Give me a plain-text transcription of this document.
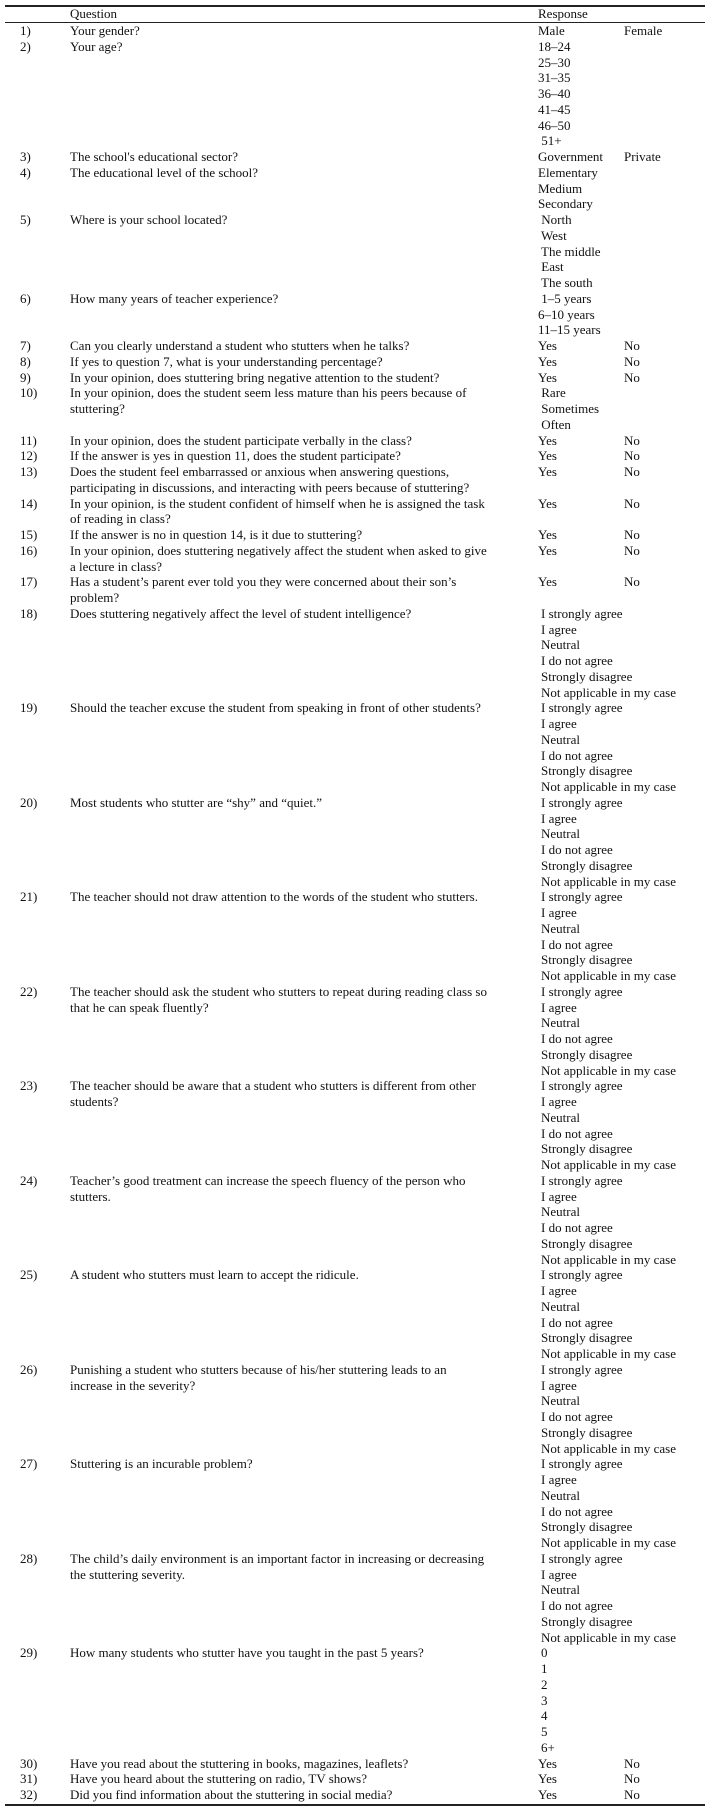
Question	Response
1)	Your gender?	Male	Female
2)	Your age?	18–24
25–30
31–35
36–40
41–45
46–50
51+
3)	The school's educational sector?	Government Private
4)	The educational level of the school?	Elementary
Medium
Secondary
5)	Where is your school located?	North
West
The middle
East
The south
6)	How many years of teacher experience?	1–5 years
6–10 years
11–15 years
7)	Can you clearly understand a student who stutters when he talks?	Yes	No
8)	If yes to question 7, what is your understanding percentage?	Yes	No
9)	In your opinion, does stuttering bring negative attention to the student?	Yes	No
10)	In your opinion, does the student seem less mature than his peers because of
stuttering?
Rare
Sometimes
Often
11)	In your opinion, does the student participate verbally in the class?	Yes	No
12)	If the answer is yes in question 11, does the student participate?	Yes	No
13)	Does the student feel embarrassed or anxious when answering questions,
participating in discussions, and interacting with peers because of stuttering?
Yes	No
14)	In your opinion, is the student confident of himself when he is assigned the task
of reading in class?
Yes	No
15)	If the answer is no in question 14, is it due to stuttering?	Yes	No
16)	In your opinion, does stuttering negatively affect the student when asked to give
a lecture in class?
Yes	No
17)	Has a student’s parent ever told you they were concerned about their son’s
problem?
Yes	No
18)	Does stuttering negatively affect the level of student intelligence?	I strongly agree
I agree
Neutral
I do not agree
Strongly disagree
Not applicable in my case
19)	Should the teacher excuse the student from speaking in front of other students?	I strongly agree
I agree
Neutral
I do not agree
Strongly disagree
Not applicable in my case
20)	Most students who stutter are “shy” and “quiet.”	I strongly agree
I agree
Neutral
I do not agree
Strongly disagree
Not applicable in my case
21)	The teacher should not draw attention to the words of the student who stutters.	I strongly agree
I agree
Neutral
I do not agree
Strongly disagree
Not applicable in my case
22)	The teacher should ask the student who stutters to repeat during reading class so
that he can speak fluently?
I strongly agree
I agree
Neutral
I do not agree
Strongly disagree
Not applicable in my case
23)	The teacher should be aware that a student who stutters is different from other
students?
I strongly agree
I agree
Neutral
I do not agree
Strongly disagree
Not applicable in my case
24)	Teacher’s good treatment can increase the speech fluency of the person who
stutters.
I strongly agree
I agree
Neutral
I do not agree
Strongly disagree
Not applicable in my case
25)	A student who stutters must learn to accept the ridicule.	I strongly agree
I agree
Neutral
I do not agree
Strongly disagree
Not applicable in my case
26)	Punishing a student who stutters because of his/her stuttering leads to an
increase in the severity?
I strongly agree
I agree
Neutral
I do not agree
Strongly disagree
Not applicable in my case
27)	Stuttering is an incurable problem?	I strongly agree
I agree
Neutral
I do not agree
Strongly disagree
Not applicable in my case
28)	The child’s daily environment is an important factor in increasing or decreasing
the stuttering severity.
I strongly agree
I agree
Neutral
I do not agree
Strongly disagree
Not applicable in my case
29)	How many students who stutter have you taught in the past 5 years?	0
1
2
3
4
5
6+
30)	Have you read about the stuttering in books, magazines, leaflets?	Yes	No
31)	Have you heard about the stuttering on radio, TV shows?	Yes	No
32)	Did you find information about the stuttering in social media?	Yes	No
